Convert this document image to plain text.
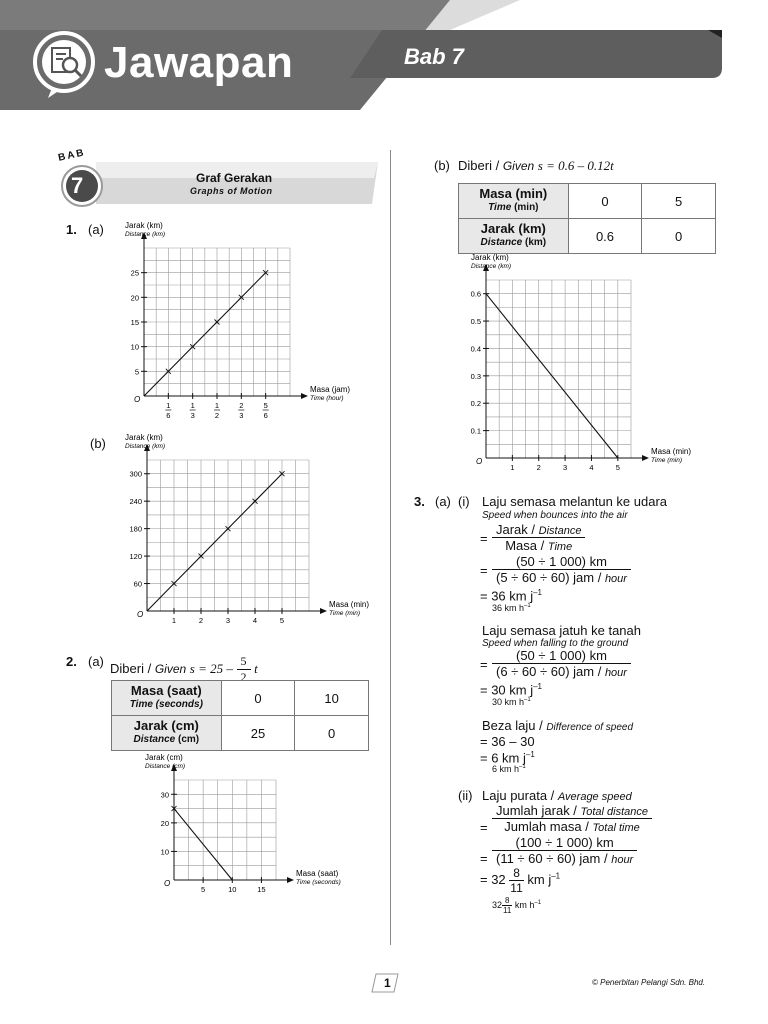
Jawapan	Bab 7
BAB
7	Graf Gerakan
Graphs of Motion
1. (a)
(b)
O
Jarak (km)
Distance (km)
Masa (jam)
Time (hour)
5
10
15
20
25
1
6
1
3
1
2
2
3
5
6
O
Jarak (km)
Distance (km)
Masa (min)
Time (min)
60
120
180
240
300
1	2	3	4	5
2. (a) Diberi / Given $s = 25 - \frac{5}{2}$ t
Masa (saat)
Time (seconds)	0	10
Jarak (cm)
Distance (cm)	25	0
O
Jarak (cm)
Distance (cm)
Masa (saat)
Time (seconds)
10
20
30
5	10	15
(b) Diberi / Given s = 0.6 – 0.12t
Masa (min)
Time (min)	0	5
Jarak (km)
Distance (km)	0.6	0
O
Jarak (km)
Distance (km)
Masa (min)
Time (min)
0.1
0.2
0.3
0.4
0.5
0.6
1	2	3	4	5
3. (a) (i) Laju semasa melantun ke udara
Speed when bounces into the air
=
Jarak / Distance
Masa / Time
=
(50 ÷ 1 000) km
(5 ÷ 60 ÷ 60) jam / hour
= 36 km $j^{-1}$
36 km $h^{-1}$
Laju semasa jatuh ke tanah
Speed when falling to the ground
=
(50 ÷ 1 000) km
(6 ÷ 60 ÷ 60) jam / hour
= 30 km $j^{-1}$
30 km $h^{-1}$
Beza laju / Difference of speed
= 36 – 30
= 6 km $j^{-1}$
6 km $h^{-1}$
(ii) Laju purata / Average speed
=
Jumlah jarak / Total distance
Jumlah masa / Total time
=
(100 ÷ 1 000) km
(11 ÷ 60 ÷ 60) jam / hour
= $32 \frac{8}{11}$ km $j^{-1}$
$32 \frac{8}{11}$ km $h^{-1}$
1	© Penerbitan Pelangi Sdn. Bhd.
